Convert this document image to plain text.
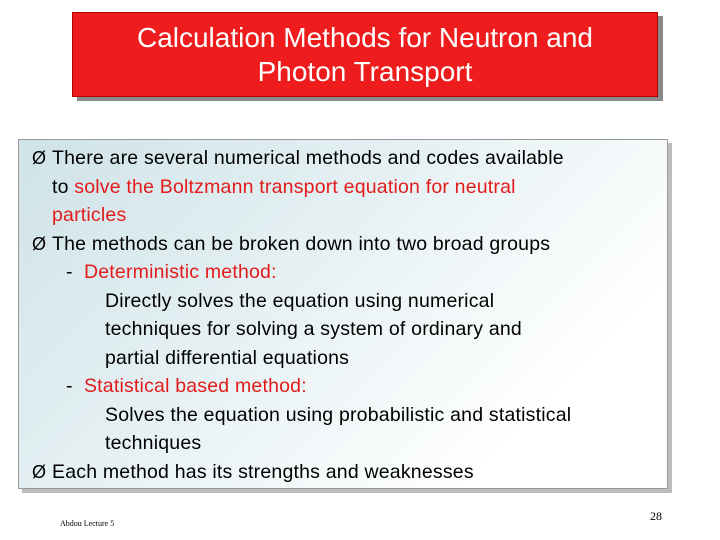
Calculation Methods for Neutron and
Photon Transport
Ø There are several numerical methods and codes available
to solve the Boltzmann transport equation for neutral
particles
Ø The methods can be broken down into two broad groups
- Deterministic method:
Directly solves the equation using numerical
techniques for solving a system of ordinary and
partial differential equations
- Statistical based method:
Solves the equation using probabilistic and statistical
techniques
Ø Each method has its strengths and weaknesses
Abdou Lecture 5
28
